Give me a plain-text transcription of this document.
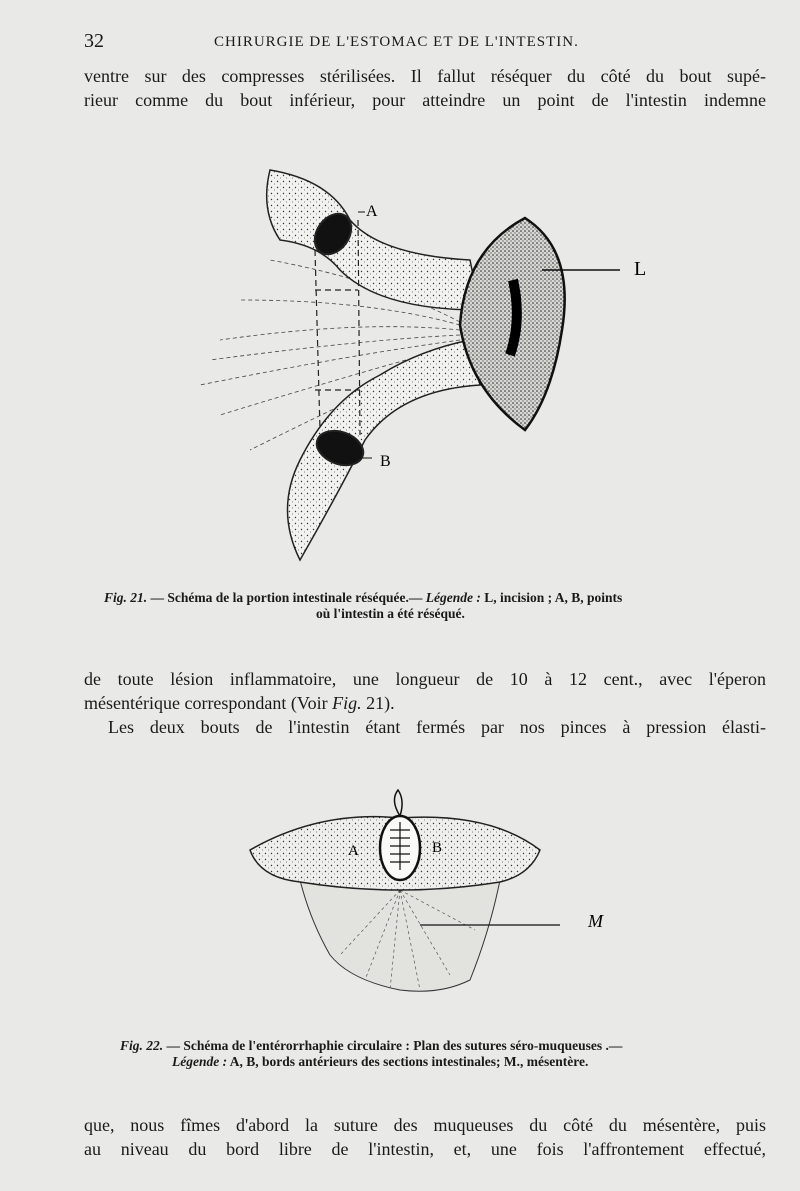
32	CHIRURGIE DE L'ESTOMAC ET DE L'INTESTIN.
ventre sur des compresses stérilisées. Il fallut réséquer du côté du bout supé-
rieur comme du bout inférieur, pour atteindre un point de l'intestin indemne
A
B
L
Fig. 21. — Schéma de la portion intestinale réséquée.— Légende : L, incision ; A, B, points
où l'intestin a été réséqué.
de toute lésion inflammatoire, une longueur de 10 à 12 cent., avec l'éperon
mésentérique correspondant (Voir Fig. 21).
Les deux bouts de l'intestin étant fermés par nos pinces à pression élasti-
A	B
M
Fig. 22. — Schéma de l'entérorrhaphie circulaire : Plan des sutures séro-muqueuses .—
Légende : A, B, bords antérieurs des sections intestinales; M., mésentère.
que, nous fîmes d'abord la suture des muqueuses du côté du mésentère, puis
au niveau du bord libre de l'intestin, et, une fois l'affrontement effectué,
